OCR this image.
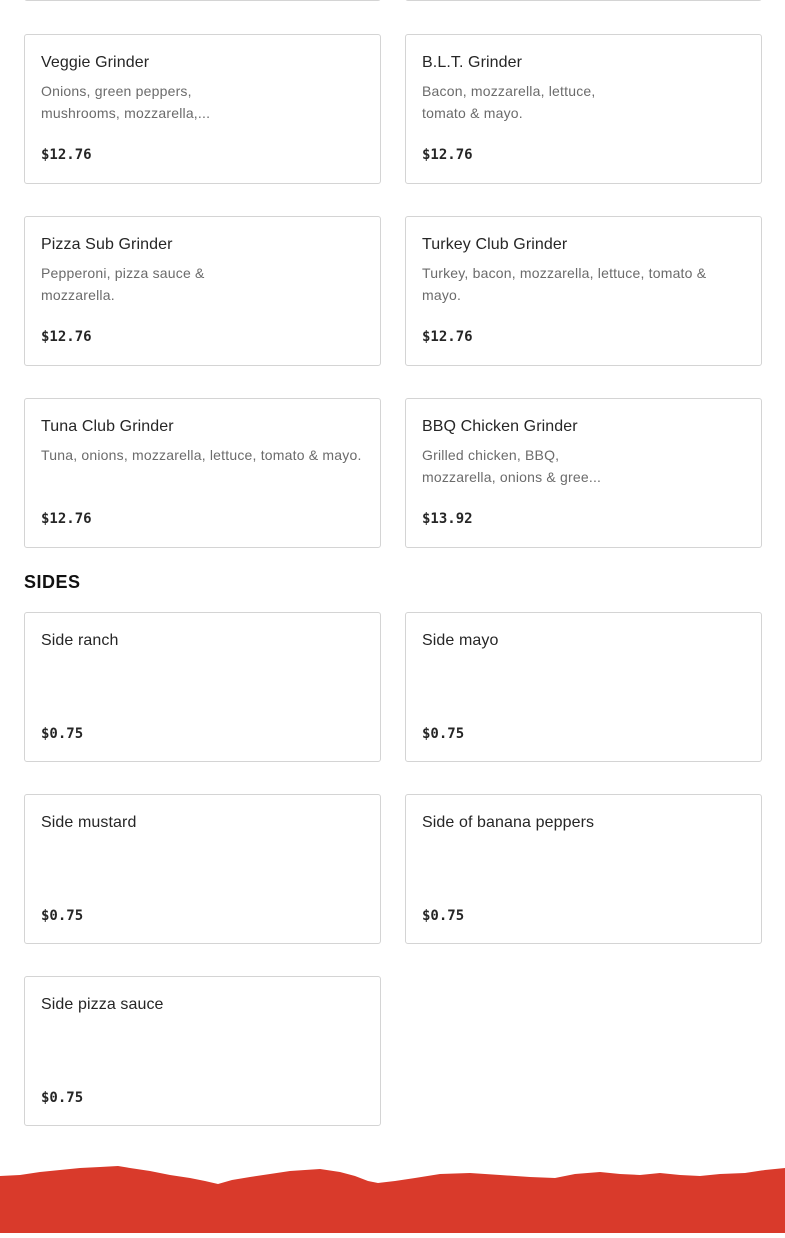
Veggie Grinder
Onions, green peppers,
mushrooms, mozzarella,...
$12.76
B.L.T. Grinder
Bacon, mozzarella, lettuce,
tomato & mayo.
$12.76
Pizza Sub Grinder
Pepperoni, pizza sauce &
mozzarella.
$12.76
Turkey Club Grinder
Turkey, bacon, mozzarella, lettuce, tomato &
mayo.
$12.76
Tuna Club Grinder
Tuna, onions, mozzarella, lettuce, tomato & mayo.
$12.76
BBQ Chicken Grinder
Grilled chicken, BBQ,
mozzarella, onions & gree...
$13.92
SIDES
Side ranch
$0.75
Side mayo
$0.75
Side mustard
$0.75
Side of banana peppers
$0.75
Side pizza sauce
$0.75
